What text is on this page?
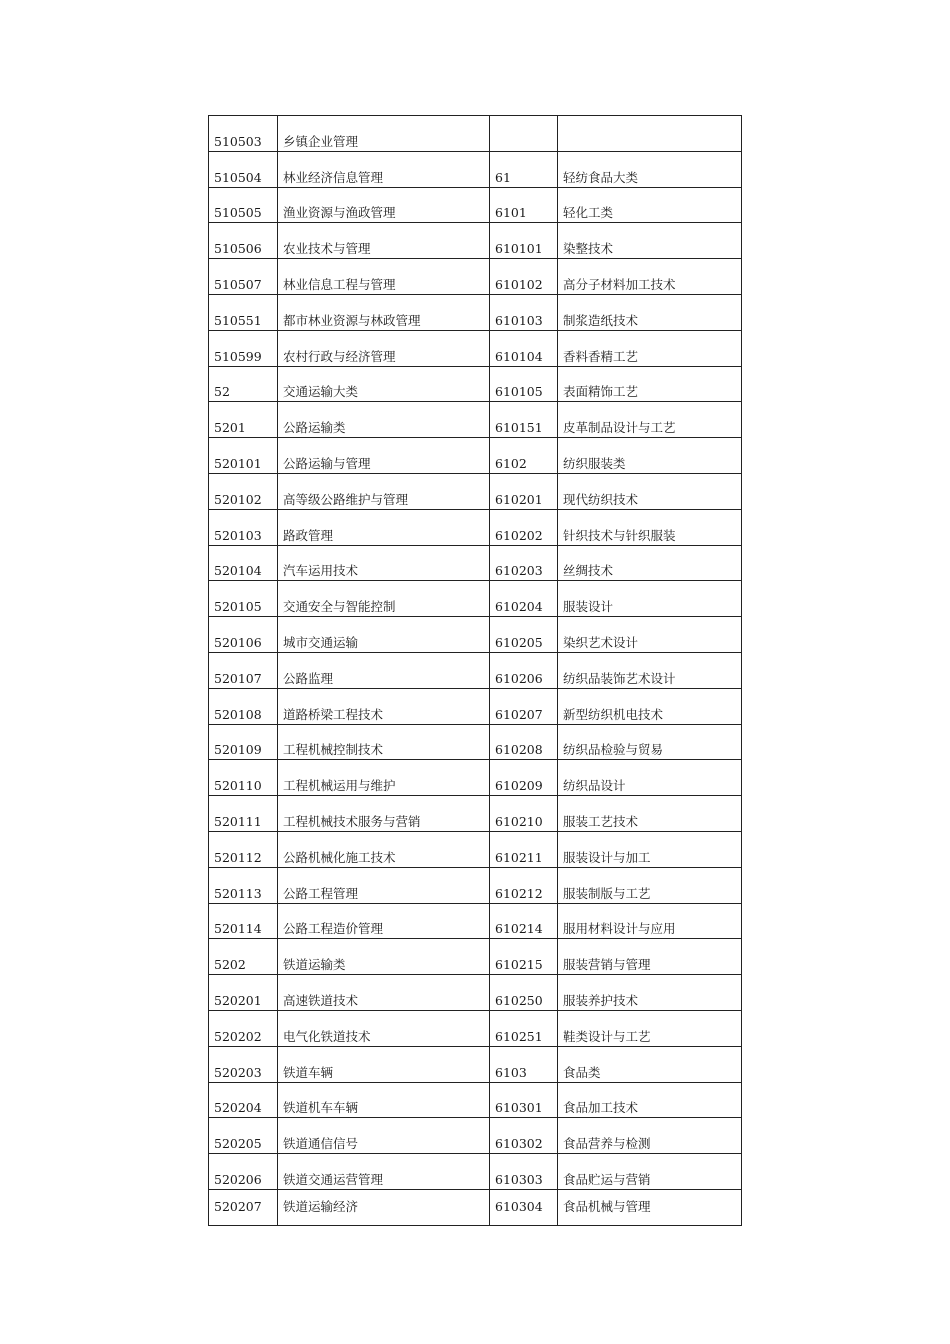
510503	乡镇企业管理		
510504	林业经济信息管理	61	轻纺食品大类
510505	渔业资源与渔政管理	6101	轻化工类
510506	农业技术与管理	610101	染整技术
510507	林业信息工程与管理	610102	高分子材料加工技术
510551	都市林业资源与林政管理	610103	制浆造纸技术
510599	农村行政与经济管理	610104	香料香精工艺
52	交通运输大类	610105	表面精饰工艺
5201	公路运输类	610151	皮革制品设计与工艺
520101	公路运输与管理	6102	纺织服装类
520102	高等级公路维护与管理	610201	现代纺织技术
520103	路政管理	610202	针织技术与针织服装
520104	汽车运用技术	610203	丝绸技术
520105	交通安全与智能控制	610204	服装设计
520106	城市交通运输	610205	染织艺术设计
520107	公路监理	610206	纺织品装饰艺术设计
520108	道路桥梁工程技术	610207	新型纺织机电技术
520109	工程机械控制技术	610208	纺织品检验与贸易
520110	工程机械运用与维护	610209	纺织品设计
520111	工程机械技术服务与营销	610210	服装工艺技术
520112	公路机械化施工技术	610211	服装设计与加工
520113	公路工程管理	610212	服装制版与工艺
520114	公路工程造价管理	610214	服用材料设计与应用
5202	铁道运输类	610215	服装营销与管理
520201	高速铁道技术	610250	服装养护技术
520202	电气化铁道技术	610251	鞋类设计与工艺
520203	铁道车辆	6103	食品类
520204	铁道机车车辆	610301	食品加工技术
520205	铁道通信信号	610302	食品营养与检测
520206	铁道交通运营管理	610303	食品贮运与营销
520207	铁道运输经济	610304	食品机械与管理
